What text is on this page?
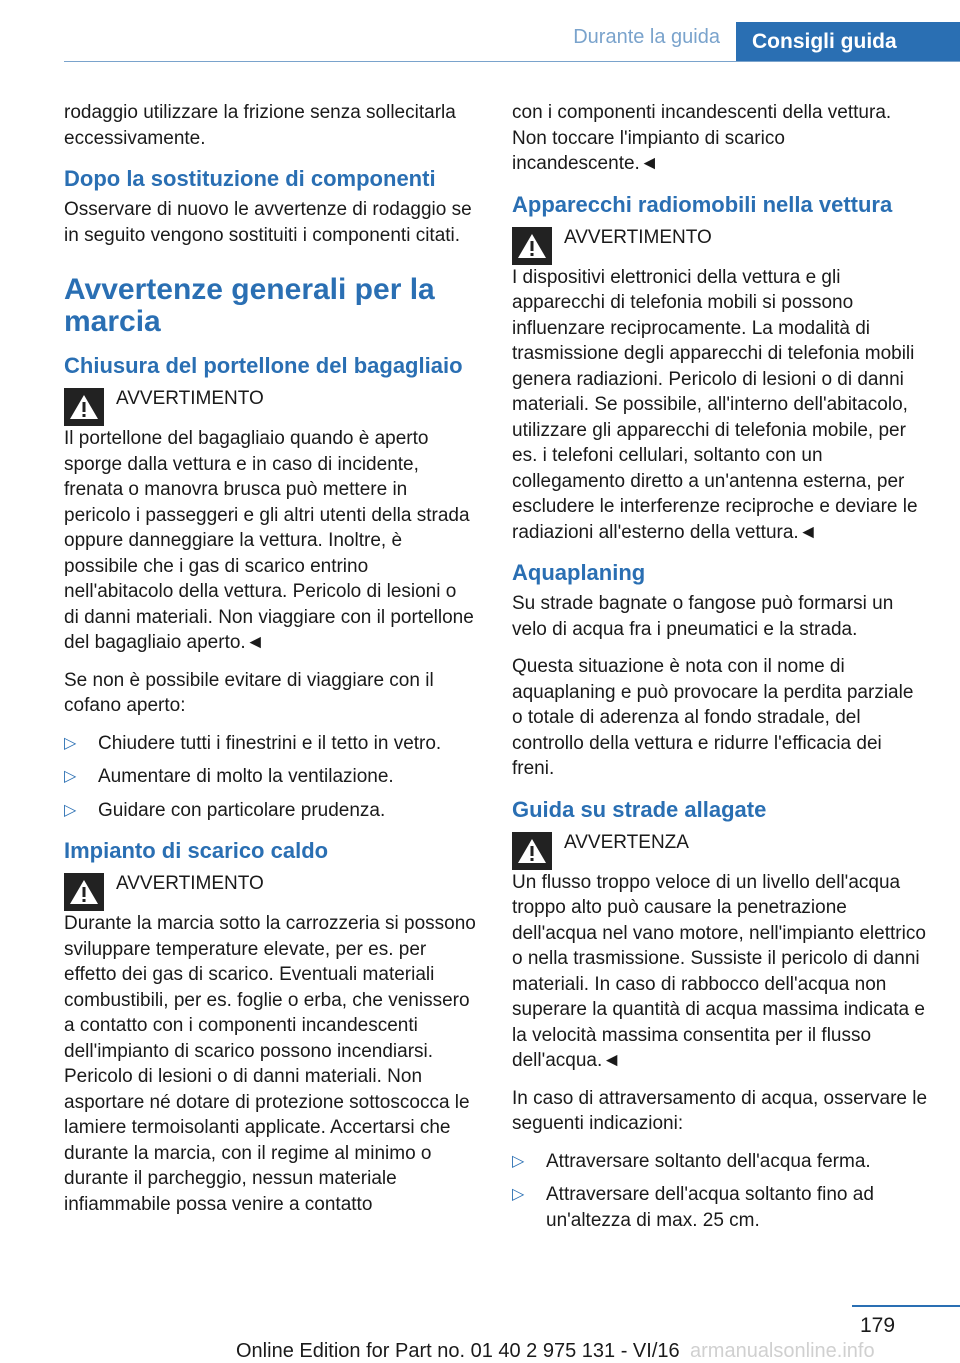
Durante la guida	Consigli guida

rodaggio utilizzare la frizione senza sollecitarla eccessivamente.

Dopo la sostituzione di componenti

Osservare di nuovo le avvertenze di rodaggio se in seguito vengono sostituiti i componenti citati.

Avvertenze generali per la marcia
Chiusura del portellone del bagagliaio
AVVERTIMENTO
Il portellone del bagagliaio quando è aperto sporge dalla vettura e in caso di incidente, frenata o manovra brusca può mettere in pericolo i passeggeri e gli altri utenti della strada oppure danneggiare la vettura. Inoltre, è possibile che i gas di scarico entrino nell'abitacolo della vettura. Pericolo di lesioni o di danni materiali. Non viaggiare con il portellone del bagagliaio aperto.◄

Se non è possibile evitare di viaggiare con il cofano aperto:

▷ Chiudere tutti i finestrini e il tetto in vetro.
▷ Aumentare di molto la ventilazione.
▷ Guidare con particolare prudenza.
Impianto di scarico caldo
AVVERTIMENTO
Durante la marcia sotto la carrozzeria si possono sviluppare temperature elevate, per es. per effetto dei gas di scarico. Eventuali materiali combustibili, per es. foglie o erba, che venissero a contatto con i componenti incandescenti dell'impianto di scarico possono incendiarsi. Pericolo di lesioni o di danni materiali. Non asportare né dotare di protezione sottoscocca le lamiere termoisolanti applicate. Accertarsi che durante la marcia, con il regime al minimo o durante il parcheggio, nessun materiale infiammabile possa venire a contatto

con i componenti incandescenti della vettura. Non toccare l'impianto di scarico incandescente.◄

Apparecchi radiomobili nella vettura
AVVERTIMENTO
I dispositivi elettronici della vettura e gli apparecchi di telefonia mobili si possono influenzare reciprocamente. La modalità di trasmissione degli apparecchi di telefonia mobili genera radiazioni. Pericolo di lesioni o di danni materiali. Se possibile, all'interno dell'abitacolo, utilizzare gli apparecchi di telefonia mobile, per es. i telefoni cellulari, soltanto con un collegamento diretto a un'antenna esterna, per escludere le interferenze reciproche e deviare le radiazioni all'esterno della vettura.◄
Aquaplaning

Su strade bagnate o fangose può formarsi un velo di acqua fra i pneumatici e la strada.

Questa situazione è nota con il nome di aquaplaning e può provocare la perdita parziale o totale di aderenza al fondo stradale, del controllo della vettura e ridurre l'efficacia dei freni.

Guida su strade allagate
AVVERTENZA
Un flusso troppo veloce di un livello dell'acqua troppo alto può causare la penetrazione dell'acqua nel vano motore, nell'impianto elettrico o nella trasmissione. Sussiste il pericolo di danni materiali. In caso di rabbocco dell'acqua non superare la quantità di acqua massima indicata e la velocità massima consentita per il flusso dell'acqua.◄

In caso di attraversamento di acqua, osservare le seguenti indicazioni:

▷ Attraversare soltanto dell'acqua ferma.
▷ Attraversare dell'acqua soltanto fino ad un'altezza di max. 25 cm.
179
Online Edition for Part no. 01 40 2 975 131 - VI/16 armanualsonline.info
